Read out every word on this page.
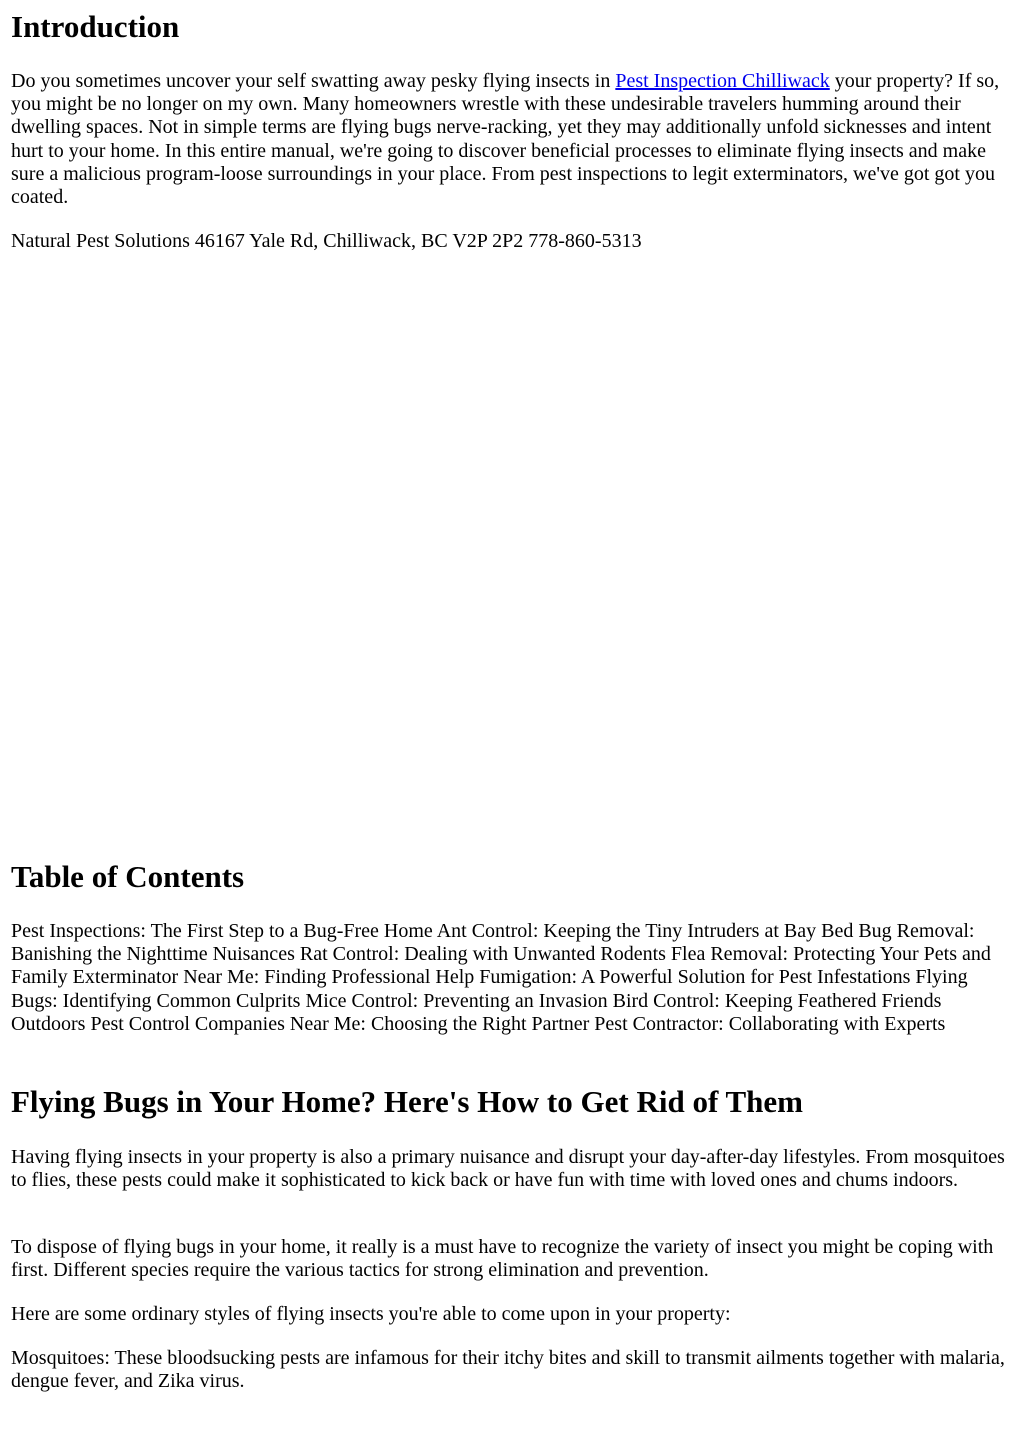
Introduction

Do you sometimes uncover your self swatting away pesky flying insects in Pest Inspection Chilliwack your property? If so, you might be no longer on my own. Many homeowners wrestle with these undesirable travelers humming around their dwelling spaces. Not in simple terms are flying bugs nerve-racking, yet they may additionally unfold sicknesses and intent hurt to your home. In this entire manual, we're going to discover beneficial processes to eliminate flying insects and make sure a malicious program-loose surroundings in your place. From pest inspections to legit exterminators, we've got got you coated.

Natural Pest Solutions 46167 Yale Rd, Chilliwack, BC V2P 2P2 778-860-5313

Table of Contents

Pest Inspections: The First Step to a Bug-Free Home Ant Control: Keeping the Tiny Intruders at Bay Bed Bug Removal: Banishing the Nighttime Nuisances Rat Control: Dealing with Unwanted Rodents Flea Removal: Protecting Your Pets and Family Exterminator Near Me: Finding Professional Help Fumigation: A Powerful Solution for Pest Infestations Flying Bugs: Identifying Common Culprits Mice Control: Preventing an Invasion Bird Control: Keeping Feathered Friends Outdoors Pest Control Companies Near Me: Choosing the Right Partner Pest Contractor: Collaborating with Experts

Flying Bugs in Your Home? Here's How to Get Rid of Them

Having flying insects in your property is also a primary nuisance and disrupt your day-after-day lifestyles. From mosquitoes to flies, these pests could make it sophisticated to kick back or have fun with time with loved ones and chums indoors.

To dispose of flying bugs in your home, it really is a must have to recognize the variety of insect you might be coping with first. Different species require the various tactics for strong elimination and prevention.

Here are some ordinary styles of flying insects you're able to come upon in your property:

Mosquitoes: These bloodsucking pests are infamous for their itchy bites and skill to transmit ailments together with malaria, dengue fever, and Zika virus.
